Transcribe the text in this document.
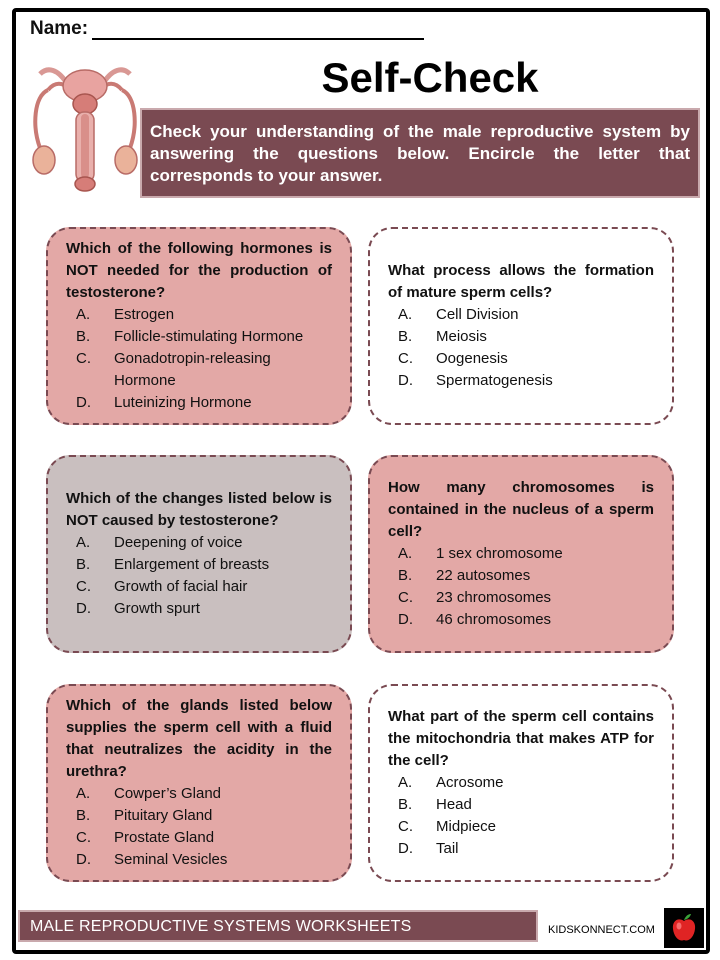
Name:
Self-Check
Check your understanding of the male reproductive system by answering the questions below. Encircle the letter that corresponds to your answer.
Which of the following hormones is NOT needed for the production of testosterone?
A.	Estrogen
B.	Follicle-stimulating Hormone
C.	Gonadotropin-releasing Hormone
D.	Luteinizing Hormone
What process allows the formation of mature sperm cells?
A.	Cell Division
B.	Meiosis
C.	Oogenesis
D.	Spermatogenesis
Which of the changes listed below is NOT caused by testosterone?
A.	Deepening of voice
B.	Enlargement of breasts
C.	Growth of facial hair
D.	Growth spurt
How many chromosomes is contained in the nucleus of a sperm cell?
A.	1 sex chromosome
B.	22 autosomes
C.	23 chromosomes
D.	46 chromosomes
Which of the glands listed below supplies the sperm cell with a fluid that neutralizes the acidity in the urethra?
A.	Cowper’s Gland
B.	Pituitary Gland
C.	Prostate Gland
D.	Seminal Vesicles
What part of the sperm cell contains the mitochondria that makes ATP for the cell?
A.	Acrosome
B.	Head
C.	Midpiece
D.	Tail
MALE REPRODUCTIVE SYSTEMS WORKSHEETS	KIDSKONNECT.COM
